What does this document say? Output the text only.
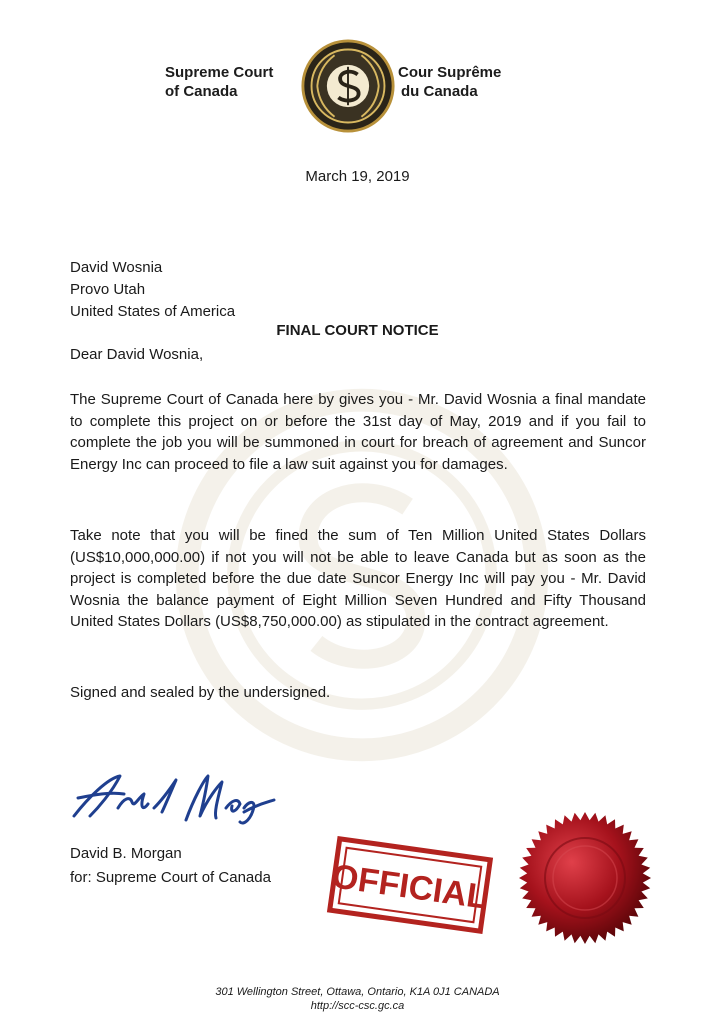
Supreme Court
of Canada
Cour Suprême
du Canada
March 19, 2019
David Wosnia
Provo Utah
United States of America
FINAL COURT NOTICE
Dear David Wosnia,
The Supreme Court of Canada here by gives you - Mr. David Wosnia a final mandate to complete this project on or before the 31st day of May, 2019 and if you fail to complete the job you will be summoned in court for breach of agreement and Suncor Energy Inc can proceed to file a law suit against you for damages.
Take note that you will be fined the sum of Ten Million United States Dollars (US$10,000,000.00) if not you will not be able to leave Canada but as soon as the project is completed before the due date Suncor Energy Inc will pay you - Mr. David Wosnia the balance payment of Eight Million Seven Hundred and Fifty Thousand United States Dollars (US$8,750,000.00) as stipulated in the contract agreement.
Signed and sealed by the undersigned.
David B. Morgan
for: Supreme Court of Canada OFFICIAL
301 Wellington Street, Ottawa, Ontario, K1A 0J1 CANADA
http://scc-csc.gc.ca
